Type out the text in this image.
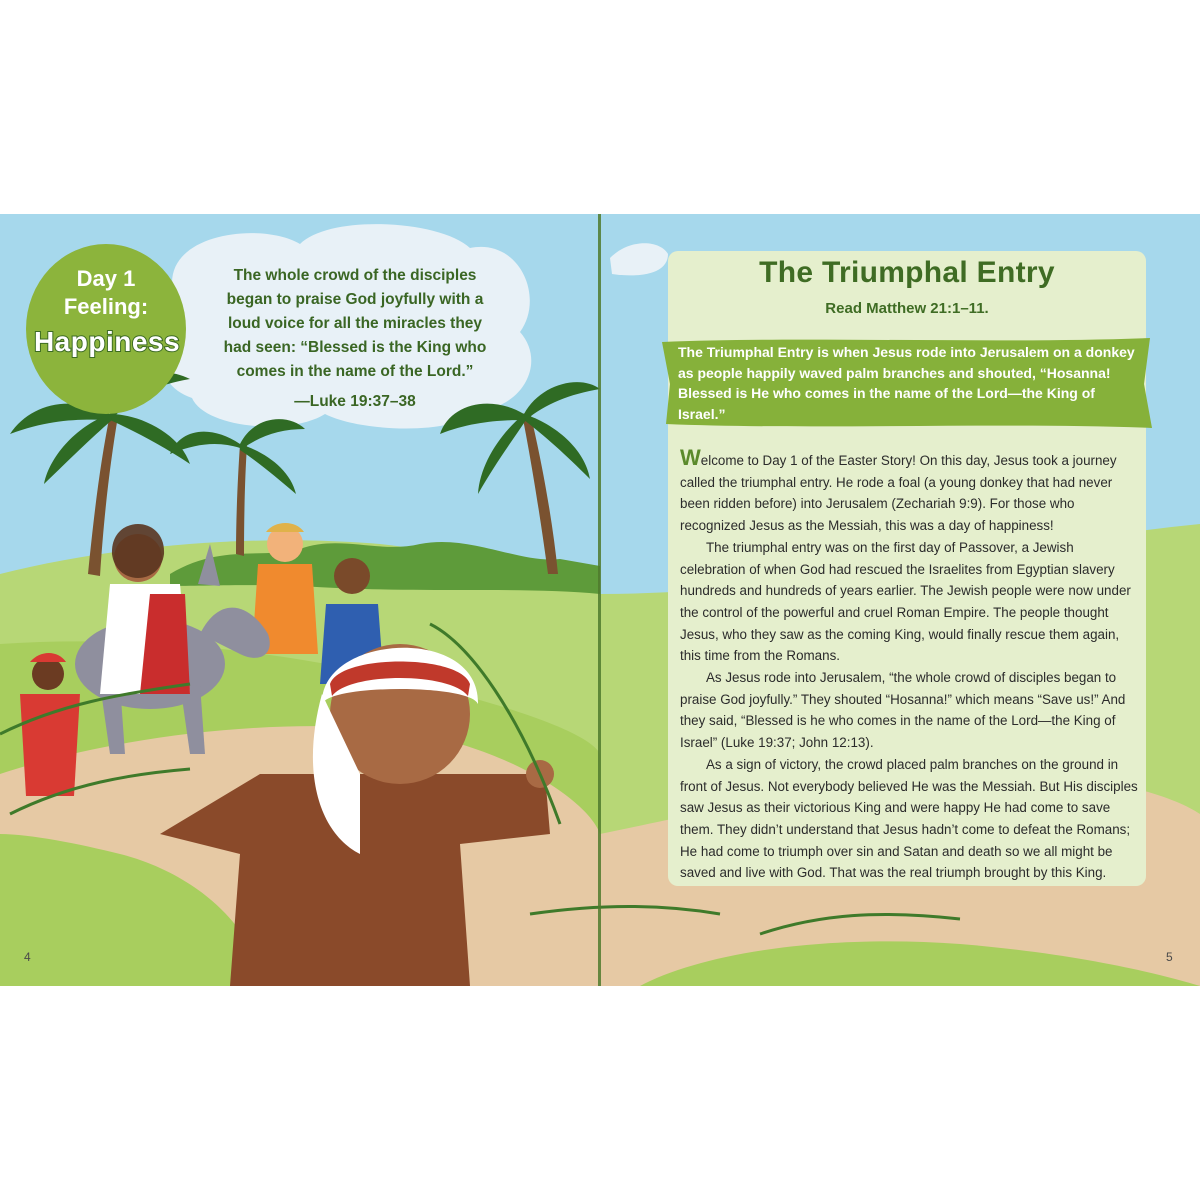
Day 1
Feeling:
Happiness
The whole crowd of the disciples
began to praise God joyfully with a
loud voice for all the miracles they
had seen: “Blessed is the King who
comes in the name of the Lord.”
—Luke 19:37–38
4
The Triumphal Entry
Read Matthew 21:1–11.
The Triumphal Entry is when Jesus rode into Jerusalem on a donkey as people happily waved palm branches and shouted, “Hosanna! Blessed is He who comes in the name of the Lord—the King of Israel.”

Welcome to Day 1 of the Easter Story! On this day, Jesus took a journey called the triumphal entry. He rode a foal (a young donkey that had never been ridden before) into Jerusalem (Zechariah 9:9). For those who recognized Jesus as the Messiah, this was a day of happiness!

The triumphal entry was on the first day of Passover, a Jewish celebration of when God had rescued the Israelites from Egyptian slavery hundreds and hundreds of years earlier. The Jewish people were now under the control of the powerful and cruel Roman Empire. The people thought Jesus, who they saw as the coming King, would finally rescue them again, this time from the Romans.

As Jesus rode into Jerusalem, “the whole crowd of disciples began to praise God joyfully.” They shouted “Hosanna!” which means “Save us!” And they said, “Blessed is he who comes in the name of the Lord—the King of Israel” (Luke 19:37; John 12:13).

As a sign of victory, the crowd placed palm branches on the ground in front of Jesus. Not everybody believed He was the Messiah. But His disciples saw Jesus as their victorious King and were happy He had come to save them. They didn’t understand that Jesus hadn’t come to defeat the Romans; He had come to triumph over sin and Satan and death so we all might be saved and live with God. That was the real triumph brought by this King.

5
